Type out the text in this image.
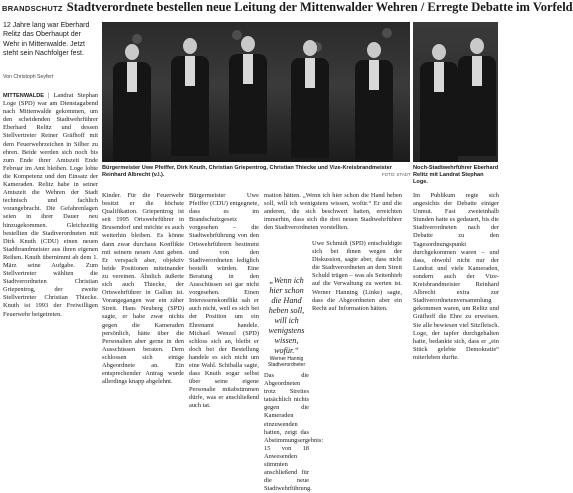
BRANDSCHUTZ Stadtverordnete bestellen neue Leitung der Mittenwalder Wehren / Erregte Debatte im Vorfeld
12 Jahre lang war Eberhard Relitz das Oberhaupt der Wehr in Mittenwalde. Jetzt steht sein Nachfolger fest.
Von Christoph Seyfert
Bürgermeister Uwe Pfeiffer, Dirk Knuth, Christian Griepentrog, Christian Thiecke und Vize-Kreisbrandmeister Reinhard Albrecht (v.l.).	FOTO: STADT
Noch-Stadtwehrführer Eberhard Relitz mit Landrat Stephan Loge.

MITTENWALDE | Landrat Stephan Loge (SPD) war am Dienstagabend nach Mittenwalde gekommen, um den scheidenden Stadtwehrführer Eberhard Relitz und dessen Stellvertreter Reiner Gräfhoff mit dem Feuerwehrzeichen in Silber zu ehren. Beide werden sich noch bis zum Ende ihrer Amtszeit Ende Februar im Amt bleiben. Loge lobte die Kompetenz und den Einsatz der Kameraden. Relitz habe in seiner Amtszeit die Wehren der Stadt technisch und fachlich vorangebracht. Die Gefahrenlagen seien in ihrer Dauer neu hinzugekommen. Gleichzeitig bestellten die Stadtverordneten mit Dirk Knuth (CDU) einen neuen Stadtbrandmeister aus ihren eigenen Reihen. Knuth übernimmt ab dem 1. März seine Aufgabe. Zum Stellvertreter wählten die Stadtverordneten Christian Griepentrog, der zweite Stellvertreter Christian Thiecke. Knuth ist 1993 der Freiwilligen Feuerwehr beigetreten.

Kinder. Für die Feuerwehr besitzt er die höchste Qualifikation. Griepentrog ist seit 1995 Ortswehrführer in Brusendorf und möchte es auch weiterhin bleiben. Es könne dann zwar durchaus Konflikte mit seinem neuen Amt geben. Er verspach aber, objektiv beide Positionen miteinander zu vereinen. Ähnlich äußerte sich auch Thiecke, der Ortswehrführer in Gallun ist. Vorangegangen war ein zäher Streit. Hans Neuberg (SPD) sagte, er habe zwar nichts gegen die Kameraden persönlich, hätte über die Personalien aber gerne in den Ausschüssen beraten. Dem schlossen sich einige Abgeordnete an. Ein entsprechender Antrag wurde allerdings knapp abgelehnt.

Bürgermeister Uwe Pfeiffer (CDU) entgegnete, dass es im Brandschutzgesetz vorgesehen – die Stadtwehrführung von den Ortswehrführern bestimmt und von den Stadtverordneten lediglich bestellt würden. Eine Beratung in den Ausschüssen sei gar nicht vorgesehen. Einen Interessenskonflikt sah er auch nicht, weil es sich bei der Position um ein Ehrenamt handele. Michael Wenzel (SPD) schloss sich an, bleibt er doch bei der Bestellung handele es sich nicht um eine Wahl. Schiballa sagte, dass Knuth sogar selbst über seine eigene Personalie mitabstimmen dürfe, was er anschließend auch tat.

mation hätten. „Wenn ich hier schon die Hand heben soll, will ich wenigstens wissen, wofür.“ Er und die anderen, die sich beschwert hatten, erreichten immerhin, dass sich die drei neuen Stadtwehrführer den Stadtverordneten vorstellten.

Das die Abgeordneten trotz Streites tatsächlich nichts gegen die Kameraden einzuwenden hatten, zeigt das Abstimmungsergebnis: 15 von 18 Anwesenden stimmten anschließend für die neue Stadtwehrführung.

Uwe Schmidt (SPD) entschuldigte sich bei ihnen wegen der Diskussion, sagte aber, dass nicht die Stadtverordneten an dem Streit Schuld trügen – was als Seitenhieb auf die Verwaltung zu werten ist. Werner Hanning (Linke) sagte, dass die Abgeordneten aber ein Recht auf Information hätten.

Im Publikum regte sich angesichts der Debatte einiger Unmut. Fast zweieinhalb Stunden hatte es gedauert, bis die Stadtverordneten nach der Debatte zu den Tagesordnungspunkt durchgekommen waren – und dass, obwohl nicht nur der Landrat und viele Kameraden, sondern auch der Vize-Kreisbrandmeister Reinhard Albrecht extra zur Stadtverordnetenversammlung gekommen waren, um Relitz und Gräfhoff die Ehre zu erweisen. Sie alle bewiesen viel Sitzfleisch. Loge, der tapfer durchgehalten hatte, bedankte sich, dass er „ein Stück gelebte Demokratie“ miterleben durfte.

„Wenn ich hier schon die Hand heben soll, will ich wenigstens wissen, wofür.“
Werner Hannig Stadtverordneter
